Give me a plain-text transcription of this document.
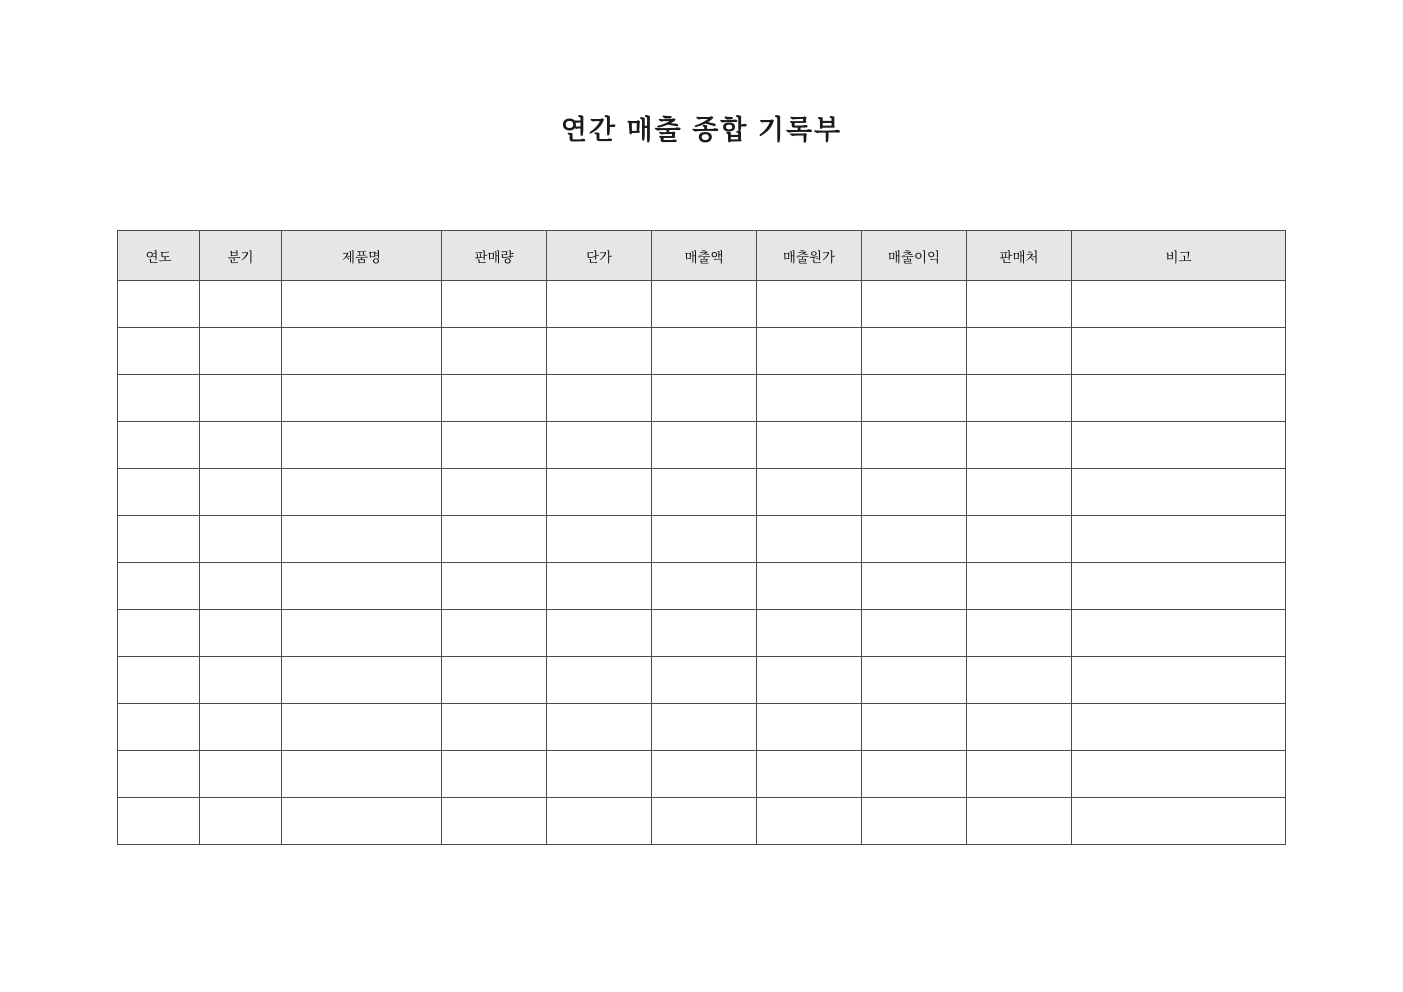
연간 매출 종합 기록부
연도	분기	제품명	판매량	단가	매출액	매출원가	매출이익	판매처	비고
